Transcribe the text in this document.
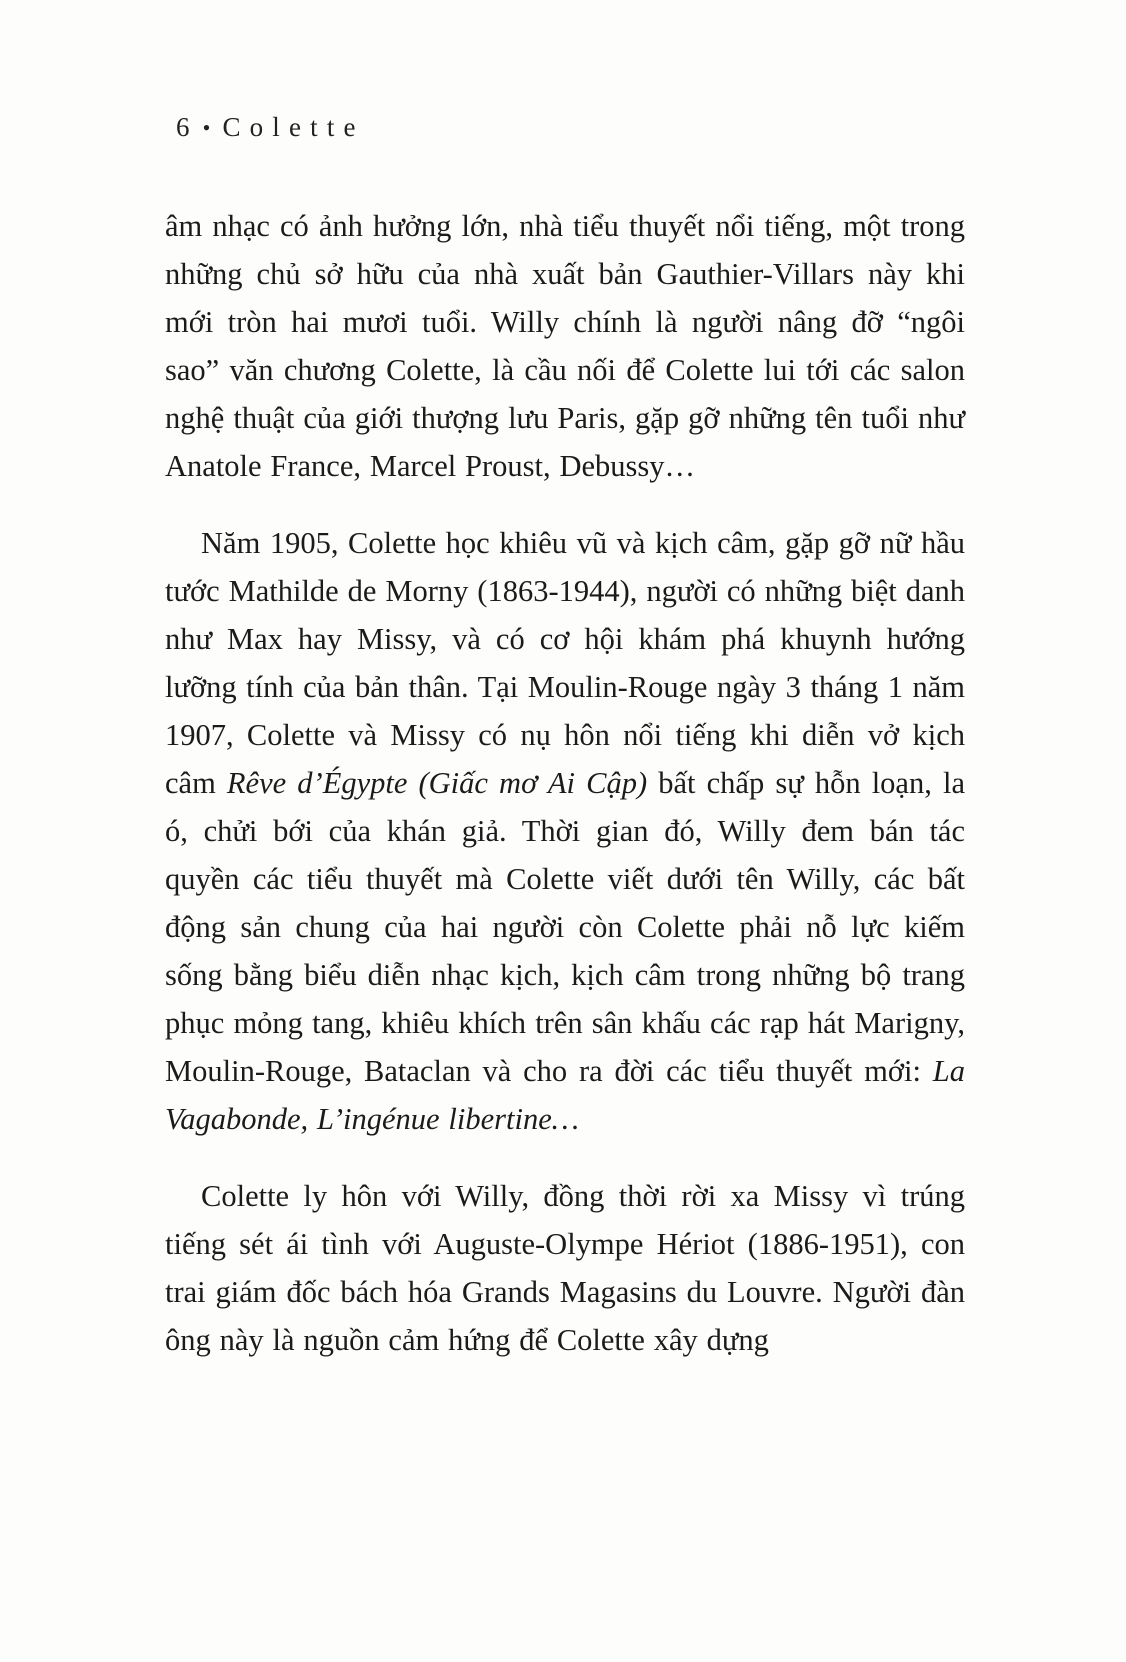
6 • Colette

âm nhạc có ảnh hưởng lớn, nhà tiểu thuyết nổi tiếng, một trong những chủ sở hữu của nhà xuất bản Gauthier-Villars này khi mới tròn hai mươi tuổi. Willy chính là người nâng đỡ “ngôi sao” văn chương Colette, là cầu nối để Colette lui tới các salon nghệ thuật của giới thượng lưu Paris, gặp gỡ những tên tuổi như Anatole France, Marcel Proust, Debussy…

Năm 1905, Colette học khiêu vũ và kịch câm, gặp gỡ nữ hầu tước Mathilde de Morny (1863-1944), người có những biệt danh như Max hay Missy, và có cơ hội khám phá khuynh hướng lưỡng tính của bản thân. Tại Moulin-Rouge ngày 3 tháng 1 năm 1907, Colette và Missy có nụ hôn nổi tiếng khi diễn vở kịch câm Rêve d’Égypte (Giấc mơ Ai Cập) bất chấp sự hỗn loạn, la ó, chửi bới của khán giả. Thời gian đó, Willy đem bán tác quyền các tiểu thuyết mà Colette viết dưới tên Willy, các bất động sản chung của hai người còn Colette phải nỗ lực kiếm sống bằng biểu diễn nhạc kịch, kịch câm trong những bộ trang phục mỏng tang, khiêu khích trên sân khấu các rạp hát Marigny, Moulin-Rouge, Bataclan và cho ra đời các tiểu thuyết mới: La Vagabonde, L’ingénue libertine…

Colette ly hôn với Willy, đồng thời rời xa Missy vì trúng tiếng sét ái tình với Auguste-Olympe Hériot (1886-1951), con trai giám đốc bách hóa Grands Magasins du Louvre. Người đàn ông này là nguồn cảm hứng để Colette xây dựng
